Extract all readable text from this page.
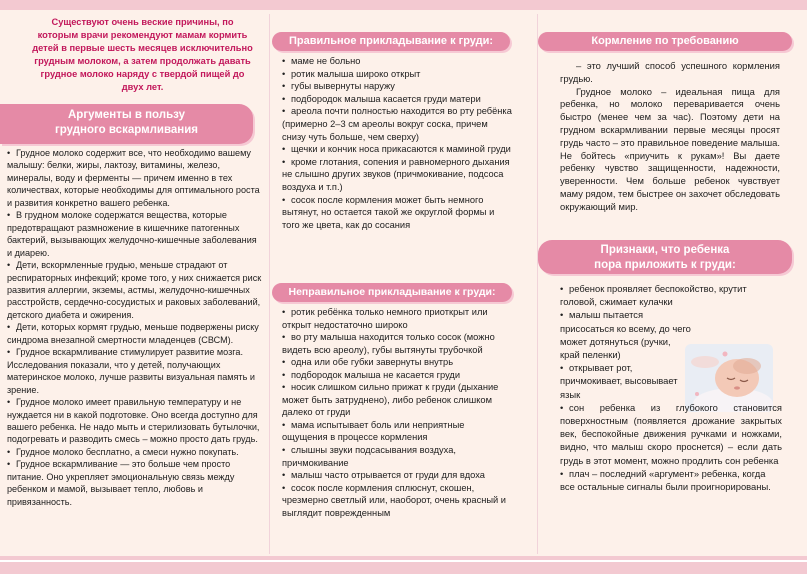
Существуют очень веские причины, по которым врачи рекомендуют мамам кормить детей в первые шесть месяцев исключительно грудным молоком, а затем продолжать давать грудное молоко наряду с твердой пищей до двух лет.
Аргументы в пользу
грудного вскармливания

• Грудное молоко содержит все, что необходимо вашему малышу: белки, жиры, лактозу, витамины, железо, минералы, воду и ферменты — причем именно в тех количествах, которые необходимы для оптимального роста и развития конкретно вашего ребенка.

• В грудном молоке содержатся вещества, которые предотвращают размножение в кишечнике патогенных бактерий, вызывающих желудочно-кишечные заболевания и диарею.

• Дети, вскормленные грудью, меньше страдают от респираторных инфекций; кроме того, у них снижается риск развития аллергии, экземы, астмы, желудочно-кишечных расстройств, сердечно-сосудистых и раковых заболеваний, детского диабета и ожирения.

• Дети, которых кормят грудью, меньше подвержены риску синдрома внезапной смертности младенцев (СВСМ).

• Грудное вскармливание стимулирует развитие мозга. Исследования показали, что у детей, получающих материнское молоко, лучше развиты визуальная память и зрение.

• Грудное молоко имеет правильную температуру и не нуждается ни в какой подготовке. Оно всегда доступно для вашего ребенка. Не надо мыть и стерилизовать бутылочки, подогревать и разводить смесь – можно просто дать грудь.

• Грудное молоко бесплатно, а смеси нужно покупать.

• Грудное вскармливание — это больше чем просто питание. Оно укрепляет эмоциональную связь между ребенком и мамой, вызывает тепло, любовь и привязанность.

Правильное прикладывание к груди:

• маме не больно

• ротик малыша широко открыт

• губы вывернуты наружу

• подбородок малыша касается груди матери

• ареола почти полностью находится во рту ребёнка (примерно 2–3 см ареолы вокруг соска, причем снизу чуть больше, чем сверху)

• щечки и кончик носа прикасаются к маминой груди

• кроме глотания, сопения и равномерного дыхания не слышно других звуков (причмокивание, подсоса воздуха и т.п.)

• сосок после кормления может быть немного вытянут, но остается такой же округлой формы и того же цвета, как до сосания

Неправильное прикладывание к груди:

• ротик ребёнка только немного приоткрыт или открыт недостаточно широко

• во рту малыша находится только сосок (можно видеть всю ареолу), губы вытянуты трубочкой

• одна или обе губки завернуты внутрь

• подбородок малыша не касается груди

• носик слишком сильно прижат к груди (дыхание может быть затруднено), либо ребенок слишком далеко от груди

• мама испытывает боль или неприятные ощущения в процессе кормления

• слышны звуки подсасывания воздуха, причмокивание

• малыш часто отрывается от груди для вдоха

• сосок после кормления сплюснут, скошен, чрезмерно светлый или, наоборот, очень красный и выглядит поврежденным

Кормление по требованию

– это лучший способ успешного кормления грудью.

Грудное молоко – идеальная пища для ребенка, но молоко переваривается очень быстро (менее чем за час). Поэтому дети на грудном вскармливании первые месяцы просят грудь часто – это правильное поведение малыша. Не бойтесь «приучить к рукам»! Вы даете ребенку чувство защищенности, надежности, уверенности. Чем больше ребенок чувствует маму рядом, тем быстрее он захочет обследовать окружающий мир.

Признаки, что ребенка
пора приложить к груди:

• ребенок проявляет беспокойство, крутит головой, сжимает кулачки

• малыш пытается присосаться ко всему, до чего может дотянуться (ручки, край пеленки)

• открывает рот, причмокивает, высовывает язык

• сон ребенка из глубокого становится поверхностным (появляется дрожание закрытых век, беспокойные движения ручками и ножками, видно, что малыш скоро проснется) – если дать грудь в этот момент, можно продлить сон ребенка

• плач – последний «аргумент» ребенка, когда все остальные сигналы были проигнорированы.
